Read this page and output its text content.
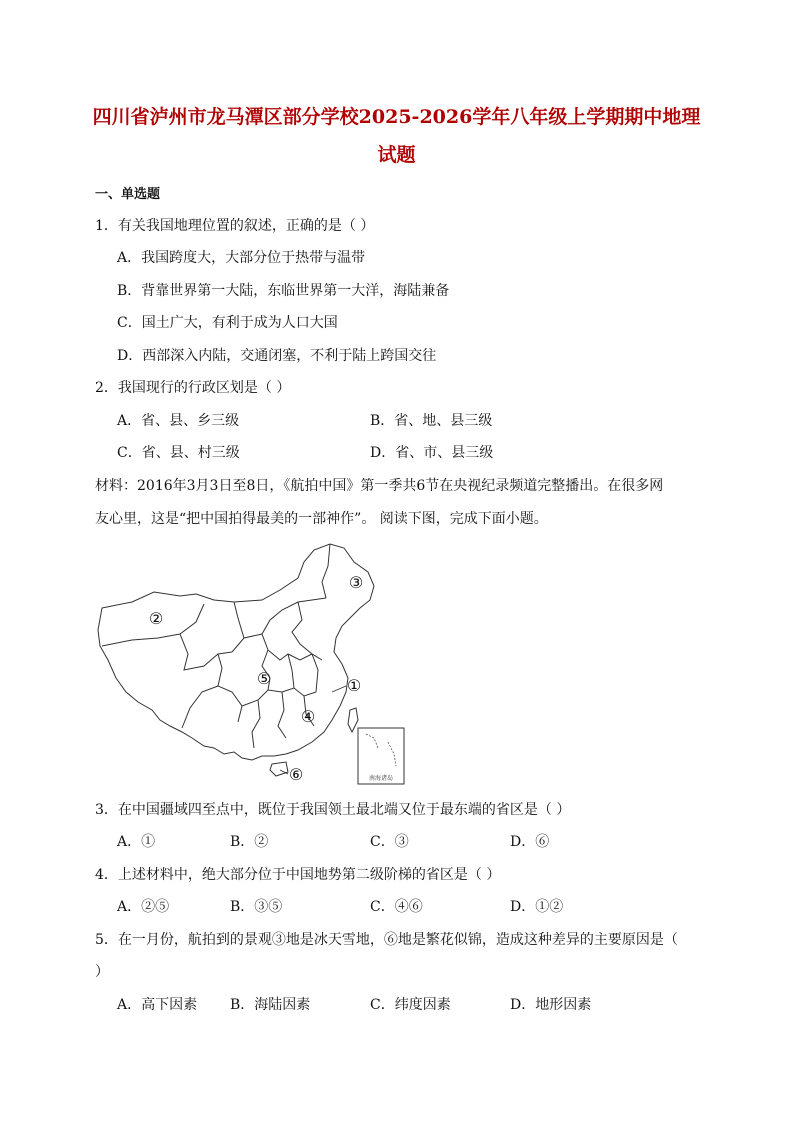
四川省泸州市龙马潭区部分学校2025-2026学年八年级上学期期中地理
试题
一、单选题
1．有关我国地理位置的叙述，正确的是（ ）
A．我国跨度大，大部分位于热带与温带
B．背靠世界第一大陆，东临世界第一大洋，海陆兼备
C．国土广大，有利于成为人口大国
D．西部深入内陆，交通闭塞，不利于陆上跨国交往
2．我国现行的行政区划是（ ）
A．省、县、乡三级	B．省、地、县三级
C．省、县、村三级	D．省、市、县三级
材料：2016年3月3日至8日，《航拍中国》第一季共6节在央视纪录频道完整播出。在很多网
友心里，这是“把中国拍得最美的一部神作”。 阅读下图，完成下面小题。
南海诸岛
①
②
③
④
⑤
⑥
3．在中国疆域四至点中，既位于我国领土最北端又位于最东端的省区是（ ）
A．①	B．②	C．③	D．⑥
4．上述材料中，绝大部分位于中国地势第二级阶梯的省区是（ ）
A．②⑤	B．③⑤	C．④⑥	D．①②
5．在一月份，航拍到的景观③地是冰天雪地，⑥地是繁花似锦，造成这种差异的主要原因是（
）
A．高下因素 B．海陆因素	C．纬度因素	D．地形因素
